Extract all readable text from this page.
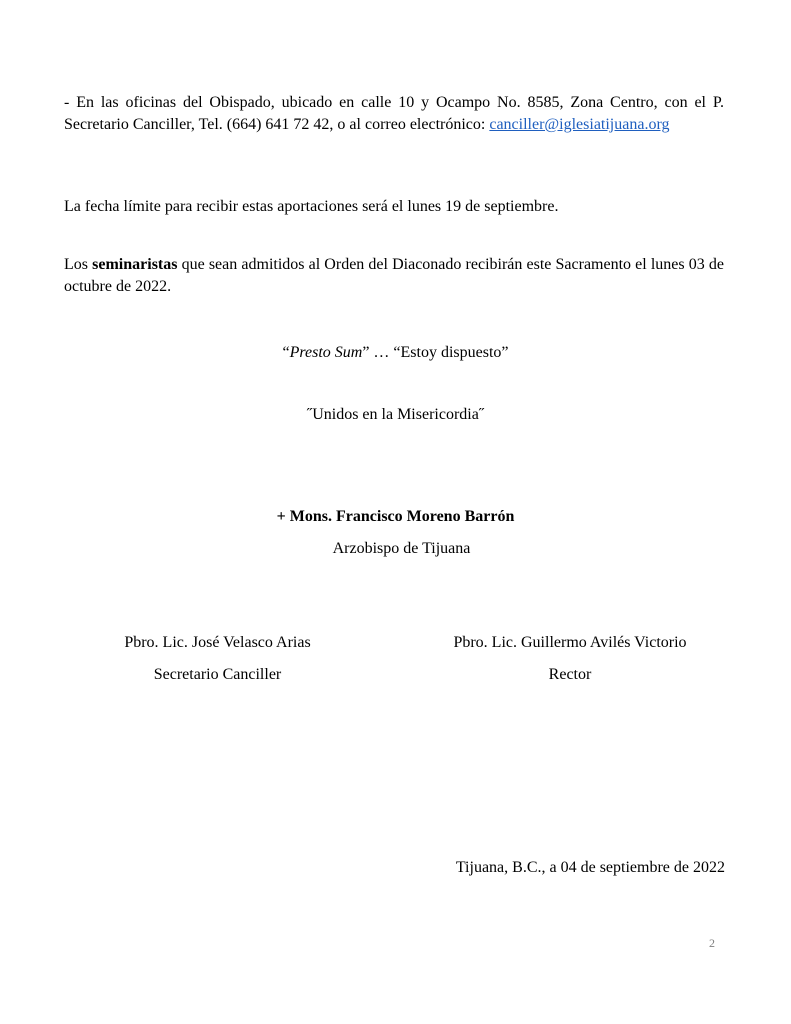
- En las oficinas del Obispado, ubicado en calle 10 y Ocampo No. 8585, Zona Centro, con el P. Secretario Canciller, Tel. (664) 641 72 42, o al correo electrónico: canciller@iglesiatijuana.org

La fecha límite para recibir estas aportaciones será el lunes 19 de septiembre.

Los seminaristas que sean admitidos al Orden del Diaconado recibirán este Sacramento el lunes 03 de octubre de 2022.

“Presto Sum” … “Estoy dispuesto”
˝Unidos en la Misericordia˝
+ Mons. Francisco Moreno Barrón
Arzobispo de Tijuana
Pbro. Lic. José Velasco Arias
Secretario Canciller
Pbro. Lic. Guillermo Avilés Victorio
Rector
Tijuana, B.C., a 04 de septiembre de 2022
2
